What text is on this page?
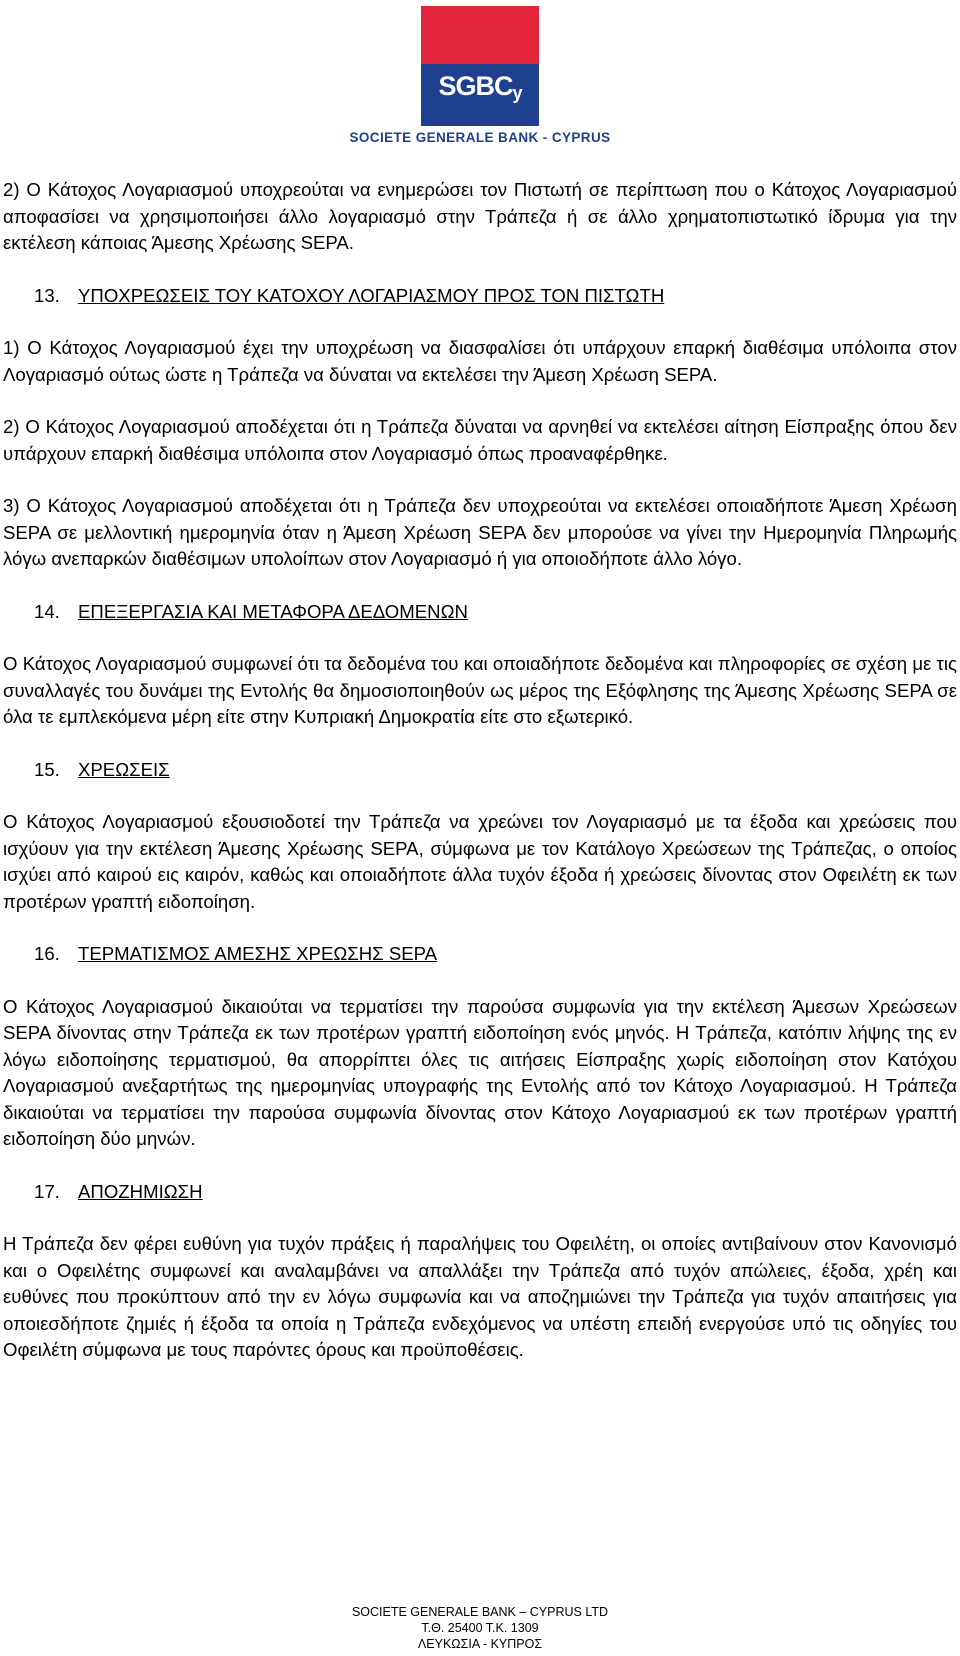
SGBCy
SOCIETE GENERALE BANK - CYPRUS

2) Ο Κάτοχος Λογαριασμού υποχρεούται να ενημερώσει τον Πιστωτή σε περίπτωση που ο Κάτοχος Λογαριασμού αποφασίσει να χρησιμοποιήσει άλλο λογαριασμό στην Τράπεζα ή σε άλλο χρηματοπιστωτικό ίδρυμα για την εκτέλεση κάποιας Άμεσης Χρέωσης SEPA.

13. ΥΠΟΧΡΕΩΣΕΙΣ ΤΟΥ ΚΑΤΟΧΟΥ ΛΟΓΑΡΙΑΣΜΟΥ ΠΡΟΣ ΤΟΝ ΠΙΣΤΩΤΗ

1) Ο Κάτοχος Λογαριασμού έχει την υποχρέωση να διασφαλίσει ότι υπάρχουν επαρκή διαθέσιμα υπόλοιπα στον Λογαριασμό ούτως ώστε η Τράπεζα να δύναται να εκτελέσει την Άμεση Χρέωση SEPA.

2) Ο Κάτοχος Λογαριασμού αποδέχεται ότι η Τράπεζα δύναται να αρνηθεί να εκτελέσει αίτηση Είσπραξης όπου δεν υπάρχουν επαρκή διαθέσιμα υπόλοιπα στον Λογαριασμό όπως προαναφέρθηκε.

3) Ο Κάτοχος Λογαριασμού αποδέχεται ότι η Τράπεζα δεν υποχρεούται να εκτελέσει οποιαδήποτε Άμεση Χρέωση SEPA σε μελλοντική ημερομηνία όταν η Άμεση Χρέωση SEPA δεν μπορούσε να γίνει την Ημερομηνία Πληρωμής λόγω ανεπαρκών διαθέσιμων υπολοίπων στον Λογαριασμό ή για οποιοδήποτε άλλο λόγο.

14. ΕΠΕΞΕΡΓΑΣΙΑ ΚΑΙ ΜΕΤΑΦΟΡΑ ΔΕΔΟΜΕΝΩΝ

Ο Κάτοχος Λογαριασμού συμφωνεί ότι τα δεδομένα του και οποιαδήποτε δεδομένα και πληροφορίες σε σχέση με τις συναλλαγές του δυνάμει της Εντολής θα δημοσιοποιηθούν ως μέρος της Εξόφλησης της Άμεσης Χρέωσης SEPA σε όλα τε εμπλεκόμενα μέρη είτε στην Κυπριακή Δημοκρατία είτε στο εξωτερικό.

15. ΧΡΕΩΣΕΙΣ

Ο Κάτοχος Λογαριασμού εξουσιοδοτεί την Τράπεζα να χρεώνει τον Λογαριασμό με τα έξοδα και χρεώσεις που ισχύουν για την εκτέλεση Άμεσης Χρέωσης SEPA, σύμφωνα με τον Κατάλογο Χρεώσεων της Τράπεζας, ο οποίος ισχύει από καιρού εις καιρόν, καθώς και οποιαδήποτε άλλα τυχόν έξοδα ή χρεώσεις δίνοντας στον Οφειλέτη εκ των προτέρων γραπτή ειδοποίηση.

16. ΤΕΡΜΑΤΙΣΜΟΣ ΑΜΕΣΗΣ ΧΡΕΩΣΗΣ SEPA

Ο Κάτοχος Λογαριασμού δικαιούται να τερματίσει την παρούσα συμφωνία για την εκτέλεση Άμεσων Χρεώσεων SEPA δίνοντας στην Τράπεζα εκ των προτέρων γραπτή ειδοποίηση ενός μηνός. Η Τράπεζα, κατόπιν λήψης της εν λόγω ειδοποίησης τερματισμού, θα απορρίπτει όλες τις αιτήσεις Είσπραξης χωρίς ειδοποίηση στον Κατόχου Λογαριασμού ανεξαρτήτως της ημερομηνίας υπογραφής της Εντολής από τον Κάτοχο Λογαριασμού. Η Τράπεζα δικαιούται να τερματίσει την παρούσα συμφωνία δίνοντας στον Κάτοχο Λογαριασμού εκ των προτέρων γραπτή ειδοποίηση δύο μηνών.

17. ΑΠΟΖΗΜΙΩΣΗ

Η Τράπεζα δεν φέρει ευθύνη για τυχόν πράξεις ή παραλήψεις του Οφειλέτη, οι οποίες αντιβαίνουν στον Κανονισμό και ο Οφειλέτης συμφωνεί και αναλαμβάνει να απαλλάξει την Τράπεζα από τυχόν απώλειες, έξοδα, χρέη και ευθύνες που προκύπτουν από την εν λόγω συμφωνία και να αποζημιώνει την Τράπεζα για τυχόν απαιτήσεις για οποιεσδήποτε ζημιές ή έξοδα τα οποία η Τράπεζα ενδεχόμενος να υπέστη επειδή ενεργούσε υπό τις οδηγίες του Οφειλέτη σύμφωνα με τους παρόντες όρους και προϋποθέσεις.

SOCIETE GENERALE BANK – CYPRUS LTD
Τ.Θ. 25400 Τ.Κ. 1309
ΛΕΥΚΩΣΙΑ - ΚΥΠΡΟΣ
